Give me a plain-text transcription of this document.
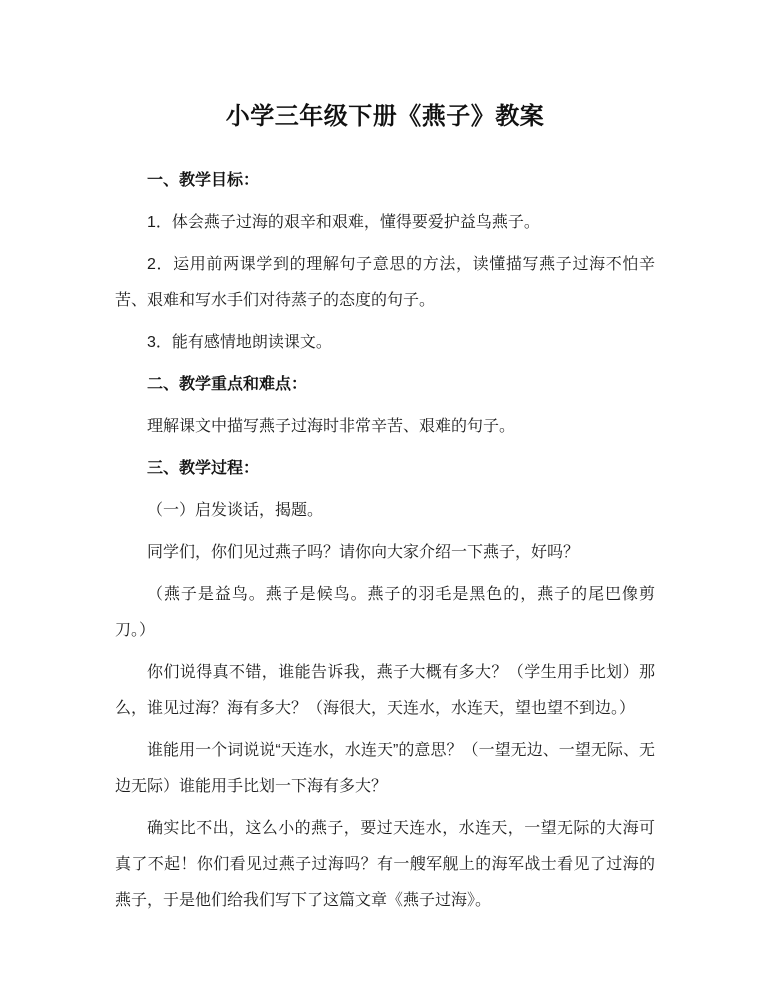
小学三年级下册《燕子》教案

一、教学目标：

1．体会燕子过海的艰辛和艰难，懂得要爱护益鸟燕子。

2．运用前两课学到的理解句子意思的方法，读懂描写燕子过海不怕辛苦、艰难和写水手们对待蒸子的态度的句子。

3．能有感情地朗读课文。

二、教学重点和难点：

理解课文中描写燕子过海时非常辛苦、艰难的句子。

三、教学过程：

（一）启发谈话，揭题。

同学们，你们见过燕子吗？请你向大家介绍一下燕子，好吗？

（燕子是益鸟。燕子是候鸟。燕子的羽毛是黑色的，燕子的尾巴像剪刀。）

你们说得真不错，谁能告诉我，燕子大概有多大？（学生用手比划）那么，谁见过海？海有多大？（海很大，天连水，水连天，望也望不到边。）

谁能用一个词说说“天连水，水连天”的意思？（一望无边、一望无际、无边无际）谁能用手比划一下海有多大？

确实比不出，这么小的燕子，要过天连水，水连天，一望无际的大海可真了不起！你们看见过燕子过海吗？有一艘军舰上的海军战士看见了过海的燕子，于是他们给我们写下了这篇文章《燕子过海》。
